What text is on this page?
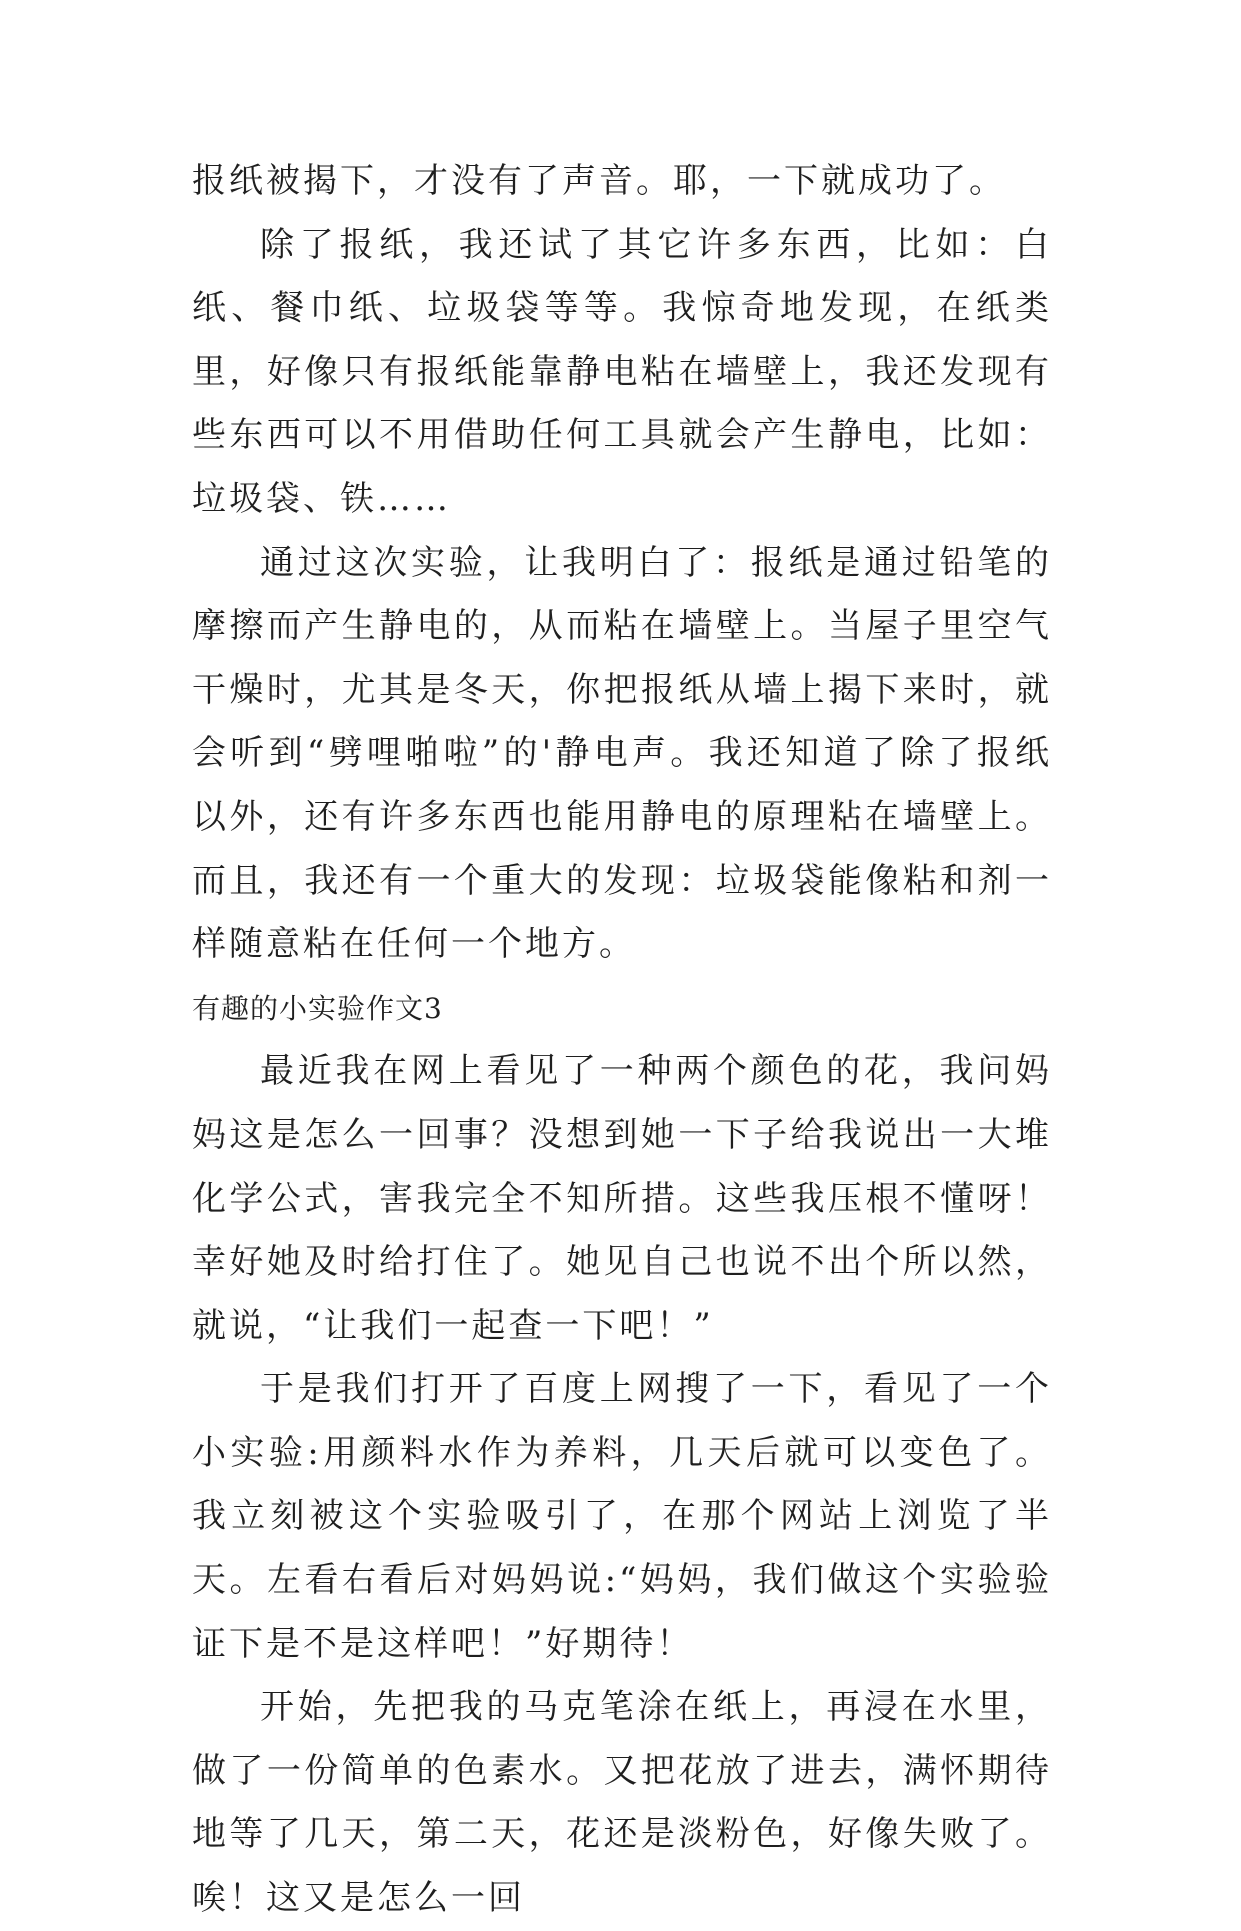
报纸被揭下，才没有了声音。耶，一下就成功了。

除了报纸，我还试了其它许多东西，比如：白纸、餐巾纸、垃圾袋等等。我惊奇地发现，在纸类里，好像只有报纸能靠静电粘在墙壁上，我还发现有些东西可以不用借助任何工具就会产生静电，比如：垃圾袋、铁……

通过这次实验，让我明白了：报纸是通过铅笔的摩擦而产生静电的，从而粘在墙壁上。当屋子里空气干燥时，尤其是冬天，你把报纸从墙上揭下来时，就会听到“劈哩啪啦”的'静电声。我还知道了除了报纸以外，还有许多东西也能用静电的原理粘在墙壁上。而且，我还有一个重大的发现：垃圾袋能像粘和剂一样随意粘在任何一个地方。

有趣的小实验作文3

最近我在网上看见了一种两个颜色的花，我问妈妈这是怎么一回事？没想到她一下子给我说出一大堆化学公式，害我完全不知所措。这些我压根不懂呀！幸好她及时给打住了。她见自己也说不出个所以然，就说，“让我们一起查一下吧！”

于是我们打开了百度上网搜了一下，看见了一个小实验:用颜料水作为养料，几天后就可以变色了。我立刻被这个实验吸引了，在那个网站上浏览了半天。左看右看后对妈妈说:“妈妈，我们做这个实验验证下是不是这样吧！”好期待！

开始，先把我的马克笔涂在纸上，再浸在水里，做了一份简单的色素水。又把花放了进去，满怀期待地等了几天，第二天，花还是淡粉色，好像失败了。唉！这又是怎么一回
